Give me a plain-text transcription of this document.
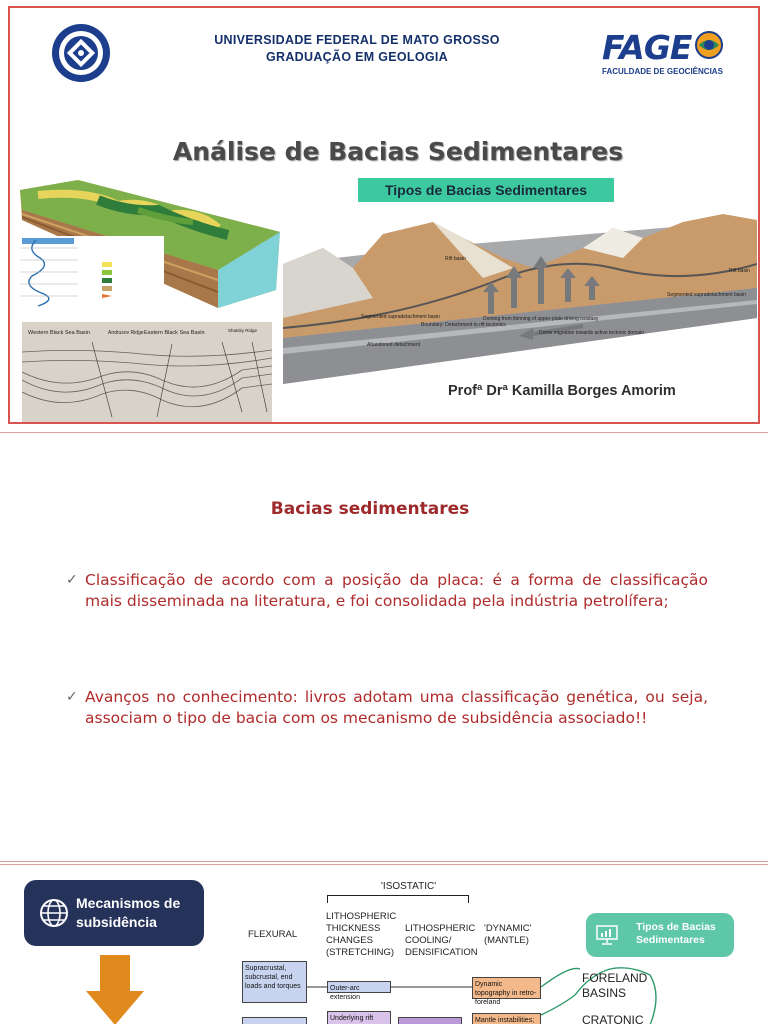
UNIVERSIDADE FEDERAL DE MATO GROSSO
GRADUAÇÃO EM GEOLOGIA	FAGE
FACULDADE DE GEOCIÊNCIAS
Análise de Bacias Sedimentares
Tipos de Bacias Sedimentares
Western Black Sea Basin	Andrusov Ridge Eastern Black Sea Basin	Shatsky Ridge
Rift basin
Segmented supradetachment basin
Boundary: Detachment to rift tectonics
Doming from thinning of upper-plate driving isostasy
Abandoned detachment
Dome migration towards active tectonic domain
Segmented supradetachment basin
Rift basin
Profª Drª Kamilla Borges Amorim
Bacias sedimentares
✓ Classificação de acordo com a posição da placa: é a forma de classificação mais disseminada na literatura, e foi consolidada pela indústria petrolífera;
✓ Avanços no conhecimento: livros adotam uma classificação genética, ou seja, associam o tipo de bacia com os mecanismo de subsidência associado!!
Mecanismos de
subsidência
'ISOSTATIC'
FLEXURAL
LITHOSPHERIC
THICKNESS
CHANGES
(STRETCHING)
LITHOSPHERIC
COOLING/
DENSIFICATION
'DYNAMIC'
(MANTLE)
Supracrustal, subcrustal, end loads and torques	Outer-arc extension
Dynamic topography in retro-foreland
Underlying rift	Mantle instabilities;
FORELAND
BASINS
CRATONIC
Tipos de Bacias
Sedimentares
